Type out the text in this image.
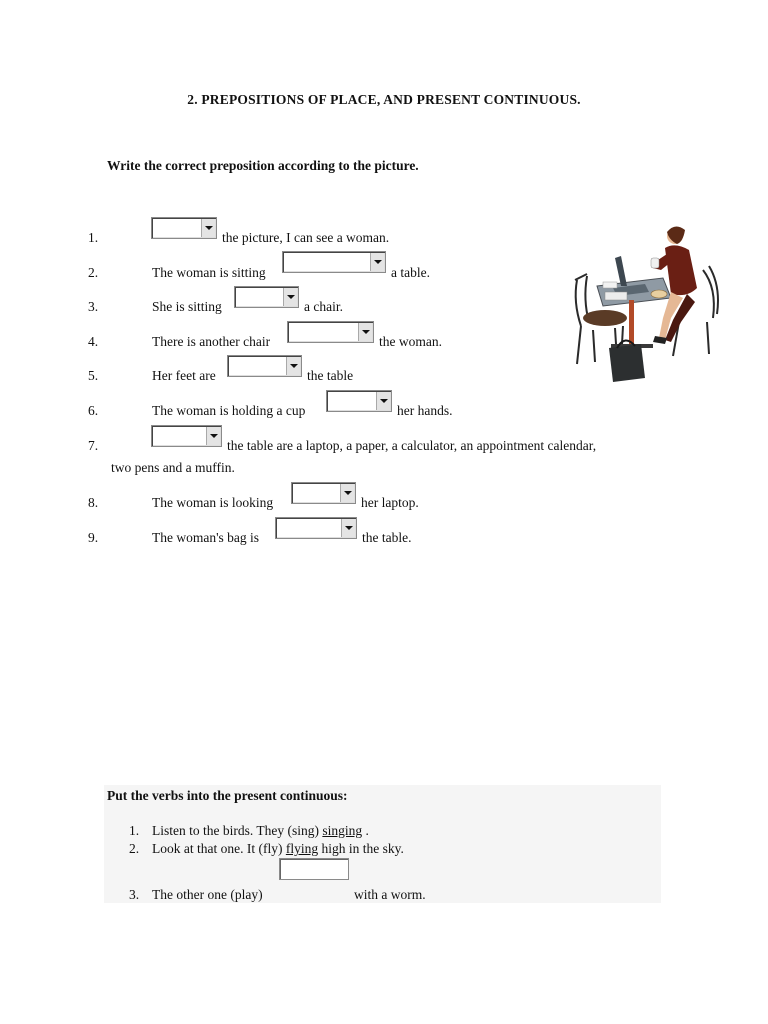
2. PREPOSITIONS OF PLACE, AND PRESENT CONTINUOUS.
Write the correct preposition according to the picture.
1.	the picture, I can see a woman.
2.	The woman is sitting	a table.
3.	She is sitting	a chair.
4.	There is another chair	the woman.
5.	Her feet are	the table
6.	The woman is holding a cup	her hands.
7.	the table are a laptop, a paper, a calculator, an appointment calendar,
two pens and a muffin.
8.	The woman is looking	her laptop.
9.	The woman's bag is	the table.
Put the verbs into the present continuous:
1. Listen to the birds. They (sing) singing .
2. Look at that one. It (fly) flying high in the sky.
3. The other one (play)	with a worm.
